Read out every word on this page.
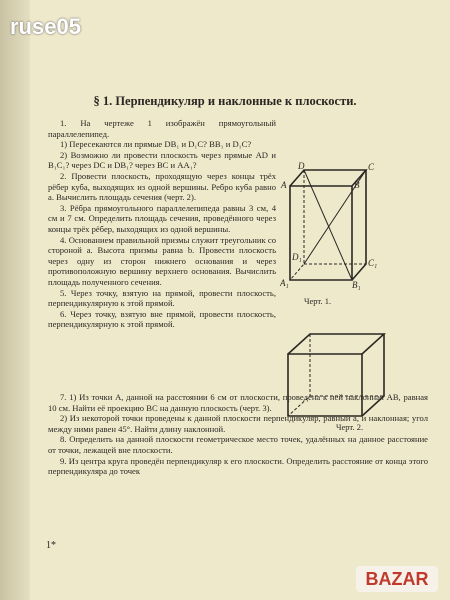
ruse05
§ 1. Перпендикуляр и наклонные к плоскости.

1. На чертеже 1 изображён прямоугольный параллелепипед.

1) Пересекаются ли прямые DB₁ и D₁C? BB₁ и D₁C?

2) Возможно ли провести плоскость через прямые AD и B₁C₁? через DC и DB₁? через BC и AA₁?

2. Провести плоскость, проходящую через концы трёх рёбер куба, выходящих из одной вершины. Ребро куба равно a. Вычислить площадь сечения (черт. 2).

3. Рёбра прямоугольного параллелепипеда равны 3 см, 4 см и 7 см. Определить площадь сечения, проведённого через концы трёх рёбер, выходящих из одной вершины.

4. Основанием правильной призмы служит треугольник со стороной a. Высота призмы равна b. Провести плоскость через одну из сторон нижнего основания и через противоположную вершину верхнего основания. Вычислить площадь полученного сечения.

5. Через точку, взятую на прямой, провести плоскость, перпендикулярную к этой прямой.

6. Через точку, взятую вне прямой, провести плоскость, перпендикулярную к этой прямой.

7. 1) Из точки A, данной на расстоянии 6 см от плоскости, проведена к ней наклонная AB, равная 10 см. Найти её проекцию BC на данную плоскость (черт. 3).

2) Из некоторой точки проведены к данной плоскости перпендикуляр, равный a, и наклонная; угол между ними равен 45°. Найти длину наклонной.

8. Определить на данной плоскости геометрическое место точек, удалённых на данное расстояние от точки, лежащей вне плоскости.

9. Из центра круга проведён перпендикуляр к его плоскости. Определить расстояние от конца этого перпендикуляра до точек

D	C
A	B
D₁
C₁
A₁	B₁
Черт. 1.
Черт. 2.
1*
BAZAR
